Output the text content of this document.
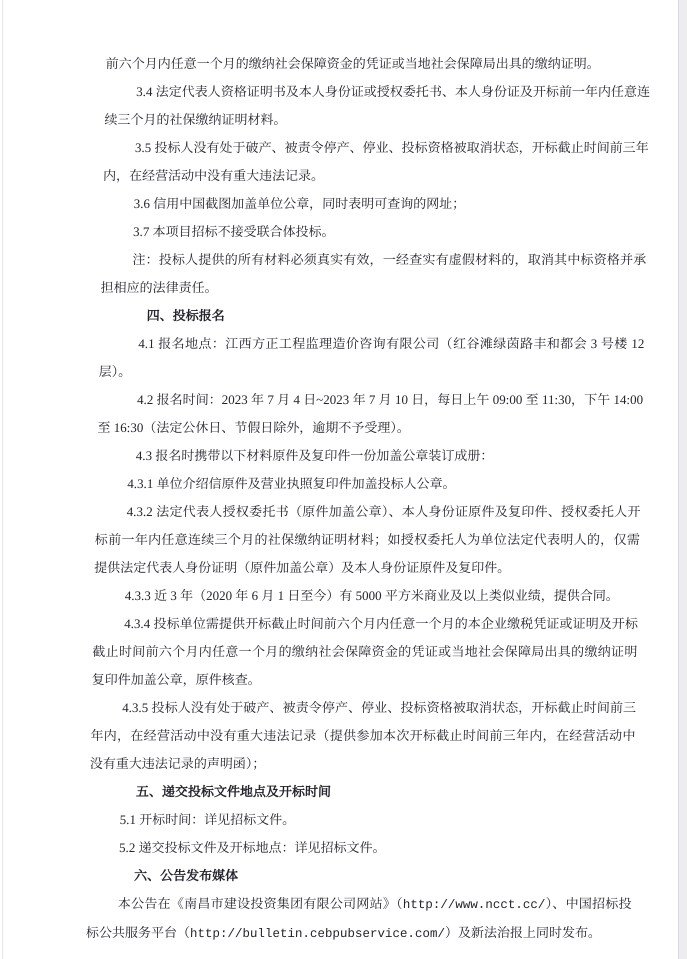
前六个月内任意一个月的缴纳社会保障资金的凭证或当地社会保障局出具的缴纳证明。

3.4 法定代表人资格证明书及本人身份证或授权委托书、本人身份证及开标前一年内任意连续三个月的社保缴纳证明材料。

3.5 投标人没有处于破产、被责令停产、停业、投标资格被取消状态，开标截止时间前三年内，在经营活动中没有重大违法记录。

3.6 信用中国截图加盖单位公章，同时表明可查询的网址；

3.7 本项目招标不接受联合体投标。

注：投标人提供的所有材料必须真实有效，一经查实有虚假材料的，取消其中标资格并承担相应的法律责任。

四、投标报名

4.1 报名地点：江西方正工程监理造价咨询有限公司（红谷滩绿茵路丰和都会 3 号楼 12 层）。

4.2 报名时间：2023 年 7 月 4 日~2023 年 7 月 10 日，每日上午 09:00 至 11:30，下午 14:00 至 16:30（法定公休日、节假日除外，逾期不予受理）。

4.3 报名时携带以下材料原件及复印件一份加盖公章装订成册：

4.3.1 单位介绍信原件及营业执照复印件加盖投标人公章。

4.3.2 法定代表人授权委托书（原件加盖公章）、本人身份证原件及复印件、授权委托人开标前一年内任意连续三个月的社保缴纳证明材料；如授权委托人为单位法定代表明人的，仅需提供法定代表人身份证明（原件加盖公章）及本人身份证原件及复印件。

4.3.3 近 3 年（2020 年 6 月 1 日至今）有 5000 平方米商业及以上类似业绩，提供合同。

4.3.4 投标单位需提供开标截止时间前六个月内任意一个月的本企业缴税凭证或证明及开标截止时间前六个月内任意一个月的缴纳社会保障资金的凭证或当地社会保障局出具的缴纳证明复印件加盖公章，原件核查。

4.3.5 投标人没有处于破产、被责令停产、停业、投标资格被取消状态，开标截止时间前三年内，在经营活动中没有重大违法记录（提供参加本次开标截止时间前三年内，在经营活动中没有重大违法记录的声明函）；

五、递交投标文件地点及开标时间

5.1 开标时间：详见招标文件。

5.2 递交投标文件及开标地点：详见招标文件。

六、公告发布媒体

本公告在《南昌市建设投资集团有限公司网站》（http://www.ncct.cc/）、中国招标投标公共服务平台（http://bulletin.cebpubservice.com/）及新法治报上同时发布。
